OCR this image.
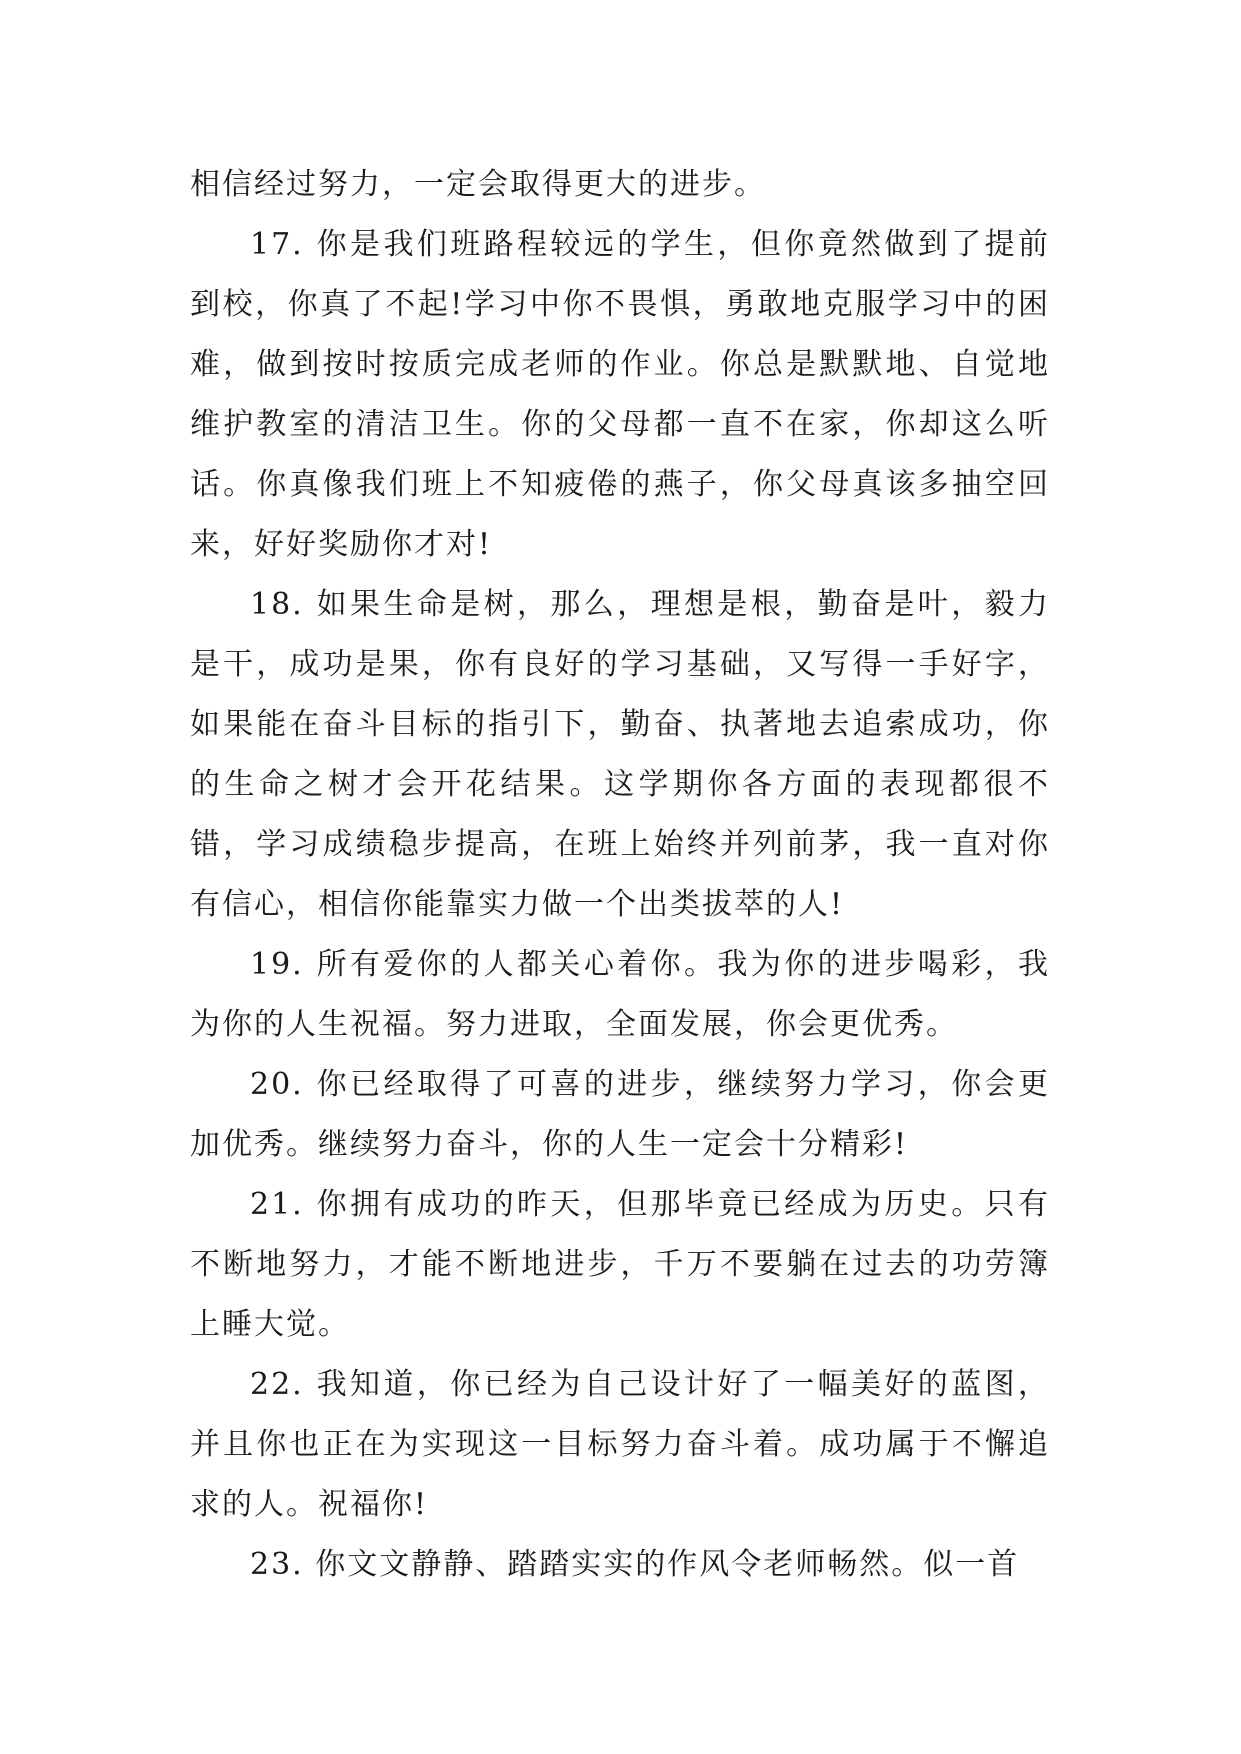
相信经过努力，一定会取得更大的进步。

17. 你是我们班路程较远的学生，但你竟然做到了提前到校，你真了不起!学习中你不畏惧，勇敢地克服学习中的困难，做到按时按质完成老师的作业。你总是默默地、自觉地维护教室的清洁卫生。你的父母都一直不在家，你却这么听话。你真像我们班上不知疲倦的燕子，你父母真该多抽空回来，好好奖励你才对!

18. 如果生命是树，那么，理想是根，勤奋是叶，毅力是干，成功是果，你有良好的学习基础，又写得一手好字，如果能在奋斗目标的指引下，勤奋、执著地去追索成功，你的生命之树才会开花结果。这学期你各方面的表现都很不错，学习成绩稳步提高，在班上始终并列前茅，我一直对你有信心，相信你能靠实力做一个出类拔萃的人!

19. 所有爱你的人都关心着你。我为你的进步喝彩，我为你的人生祝福。努力进取，全面发展，你会更优秀。

20. 你已经取得了可喜的进步，继续努力学习，你会更加优秀。继续努力奋斗，你的人生一定会十分精彩!

21. 你拥有成功的昨天，但那毕竟已经成为历史。只有不断地努力，才能不断地进步，千万不要躺在过去的功劳簿上睡大觉。

22. 我知道，你已经为自己设计好了一幅美好的蓝图，并且你也正在为实现这一目标努力奋斗着。成功属于不懈追求的人。祝福你!

23. 你文文静静、踏踏实实的作风令老师畅然。似一首
